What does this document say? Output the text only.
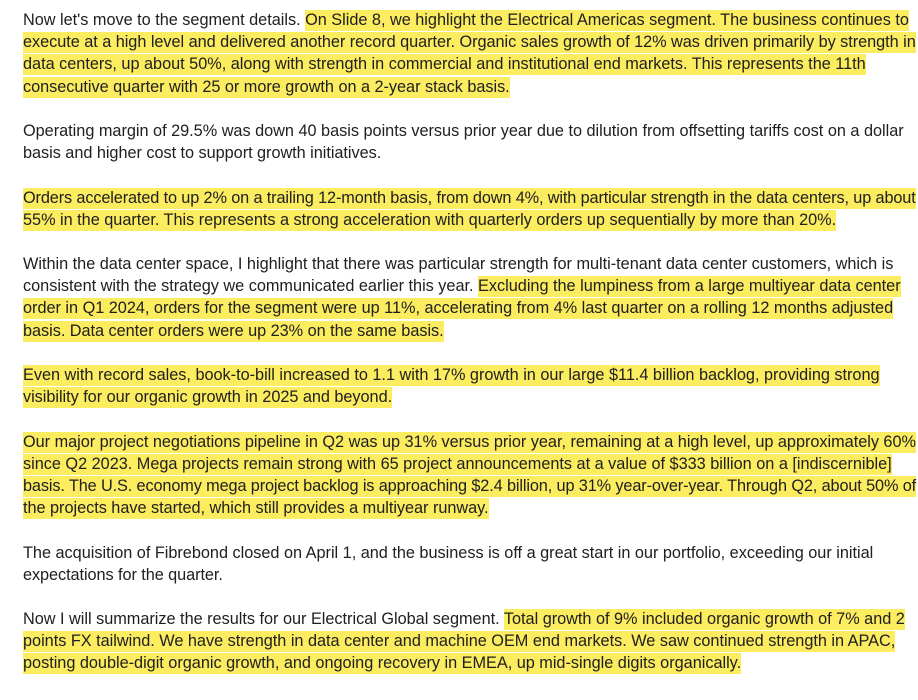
Now let's move to the segment details. On Slide 8, we highlight the Electrical Americas segment. The business continues to
execute at a high level and delivered another record quarter. Organic sales growth of 12% was driven primarily by strength in
data centers, up about 50%, along with strength in commercial and institutional end markets. This represents the 11th
consecutive quarter with 25 or more growth on a 2-year stack basis.
Operating margin of 29.5% was down 40 basis points versus prior year due to dilution from offsetting tariffs cost on a dollar
basis and higher cost to support growth initiatives.
Orders accelerated to up 2% on a trailing 12-month basis, from down 4%, with particular strength in the data centers, up about
55% in the quarter. This represents a strong acceleration with quarterly orders up sequentially by more than 20%.
Within the data center space, I highlight that there was particular strength for multi-tenant data center customers, which is
consistent with the strategy we communicated earlier this year. Excluding the lumpiness from a large multiyear data center
order in Q1 2024, orders for the segment were up 11%, accelerating from 4% last quarter on a rolling 12 months adjusted
basis. Data center orders were up 23% on the same basis.
Even with record sales, book-to-bill increased to 1.1 with 17% growth in our large $11.4 billion backlog, providing strong
visibility for our organic growth in 2025 and beyond.
Our major project negotiations pipeline in Q2 was up 31% versus prior year, remaining at a high level, up approximately 60%
since Q2 2023. Mega projects remain strong with 65 project announcements at a value of $333 billion on a [indiscernible]
basis. The U.S. economy mega project backlog is approaching $2.4 billion, up 31% year-over-year. Through Q2, about 50% of
the projects have started, which still provides a multiyear runway.
The acquisition of Fibrebond closed on April 1, and the business is off a great start in our portfolio, exceeding our initial
expectations for the quarter.
Now I will summarize the results for our Electrical Global segment. Total growth of 9% included organic growth of 7% and 2
points FX tailwind. We have strength in data center and machine OEM end markets. We saw continued strength in APAC,
posting double-digit organic growth, and ongoing recovery in EMEA, up mid-single digits organically.
